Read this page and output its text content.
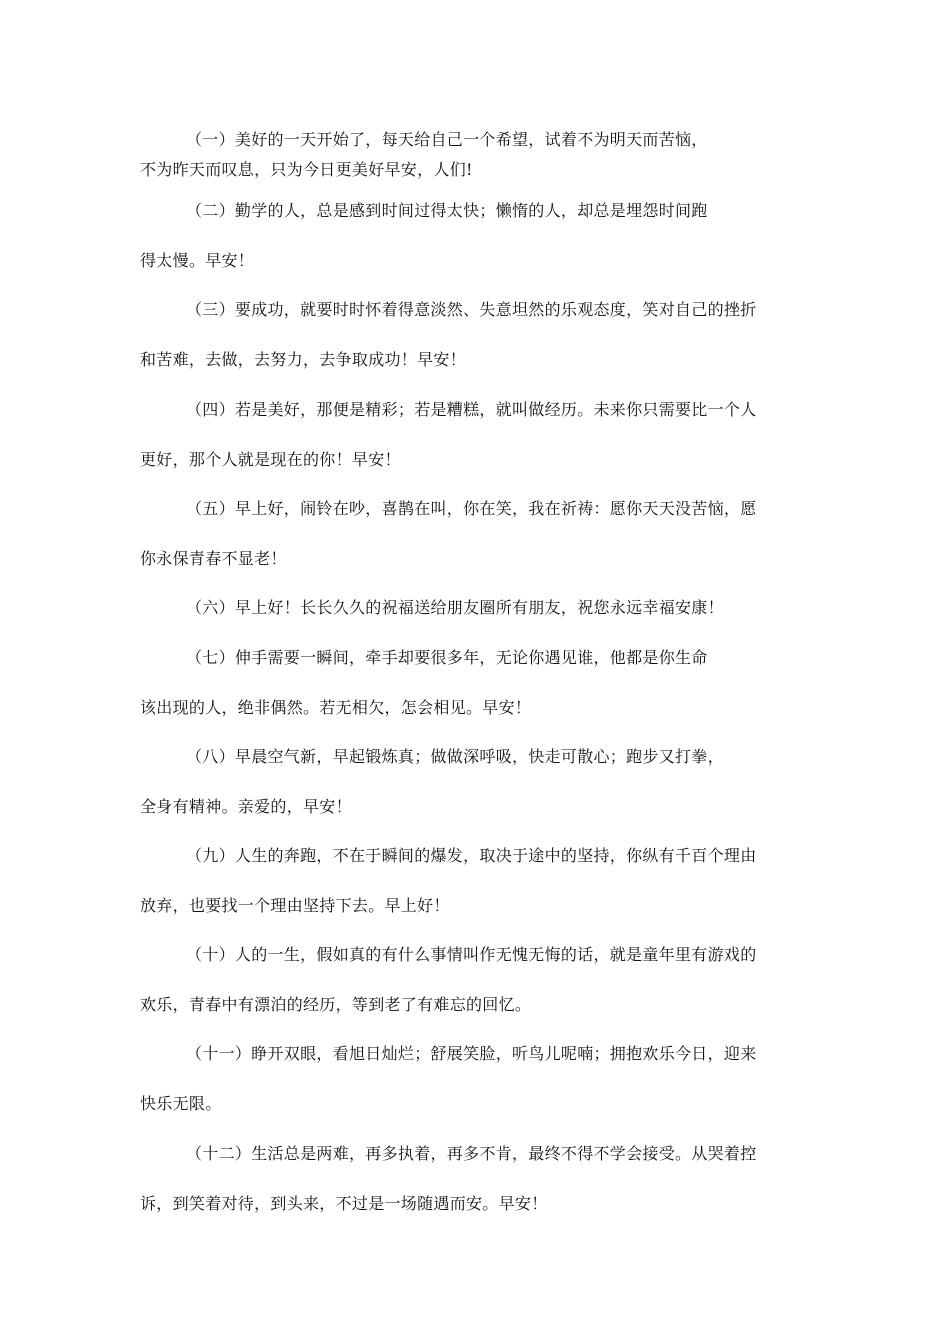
（一）美好的一天开始了，每天给自己一个希望，试着不为明天而苦恼，
不为昨天而叹息，只为今日更美好早安，人们!
（二）勤学的人，总是感到时间过得太快；懒惰的人，却总是埋怨时间跑
得太慢。早安！
（三）要成功，就要时时怀着得意淡然、失意坦然的乐观态度，笑对自己的挫折
和苦难，去做，去努力，去争取成功！早安！
（四）若是美好，那便是精彩；若是糟糕，就叫做经历。未来你只需要比一个人
更好，那个人就是现在的你！早安！
（五）早上好，闹铃在吵，喜鹊在叫，你在笑，我在祈祷：愿你天天没苦恼，愿
你永保青春不显老！
（六）早上好！长长久久的祝福送给朋友圈所有朋友，祝您永远幸福安康！
（七）伸手需要一瞬间，牵手却要很多年，无论你遇见谁，他都是你生命
该出现的人，绝非偶然。若无相欠，怎会相见。早安！
（八）早晨空气新，早起锻炼真；做做深呼吸，快走可散心；跑步又打拳，
全身有精神。亲爱的，早安！
（九）人生的奔跑，不在于瞬间的爆发，取决于途中的坚持，你纵有千百个理由
放弃，也要找一个理由坚持下去。早上好！
（十）人的一生，假如真的有什么事情叫作无愧无悔的话，就是童年里有游戏的
欢乐，青春中有漂泊的经历，等到老了有难忘的回忆。
（十一）睁开双眼，看旭日灿烂；舒展笑脸，听鸟儿呢喃；拥抱欢乐今日，迎来
快乐无限。
（十二）生活总是两难，再多执着，再多不肯，最终不得不学会接受。从哭着控
诉，到笑着对待，到头来，不过是一场随遇而安。早安！
